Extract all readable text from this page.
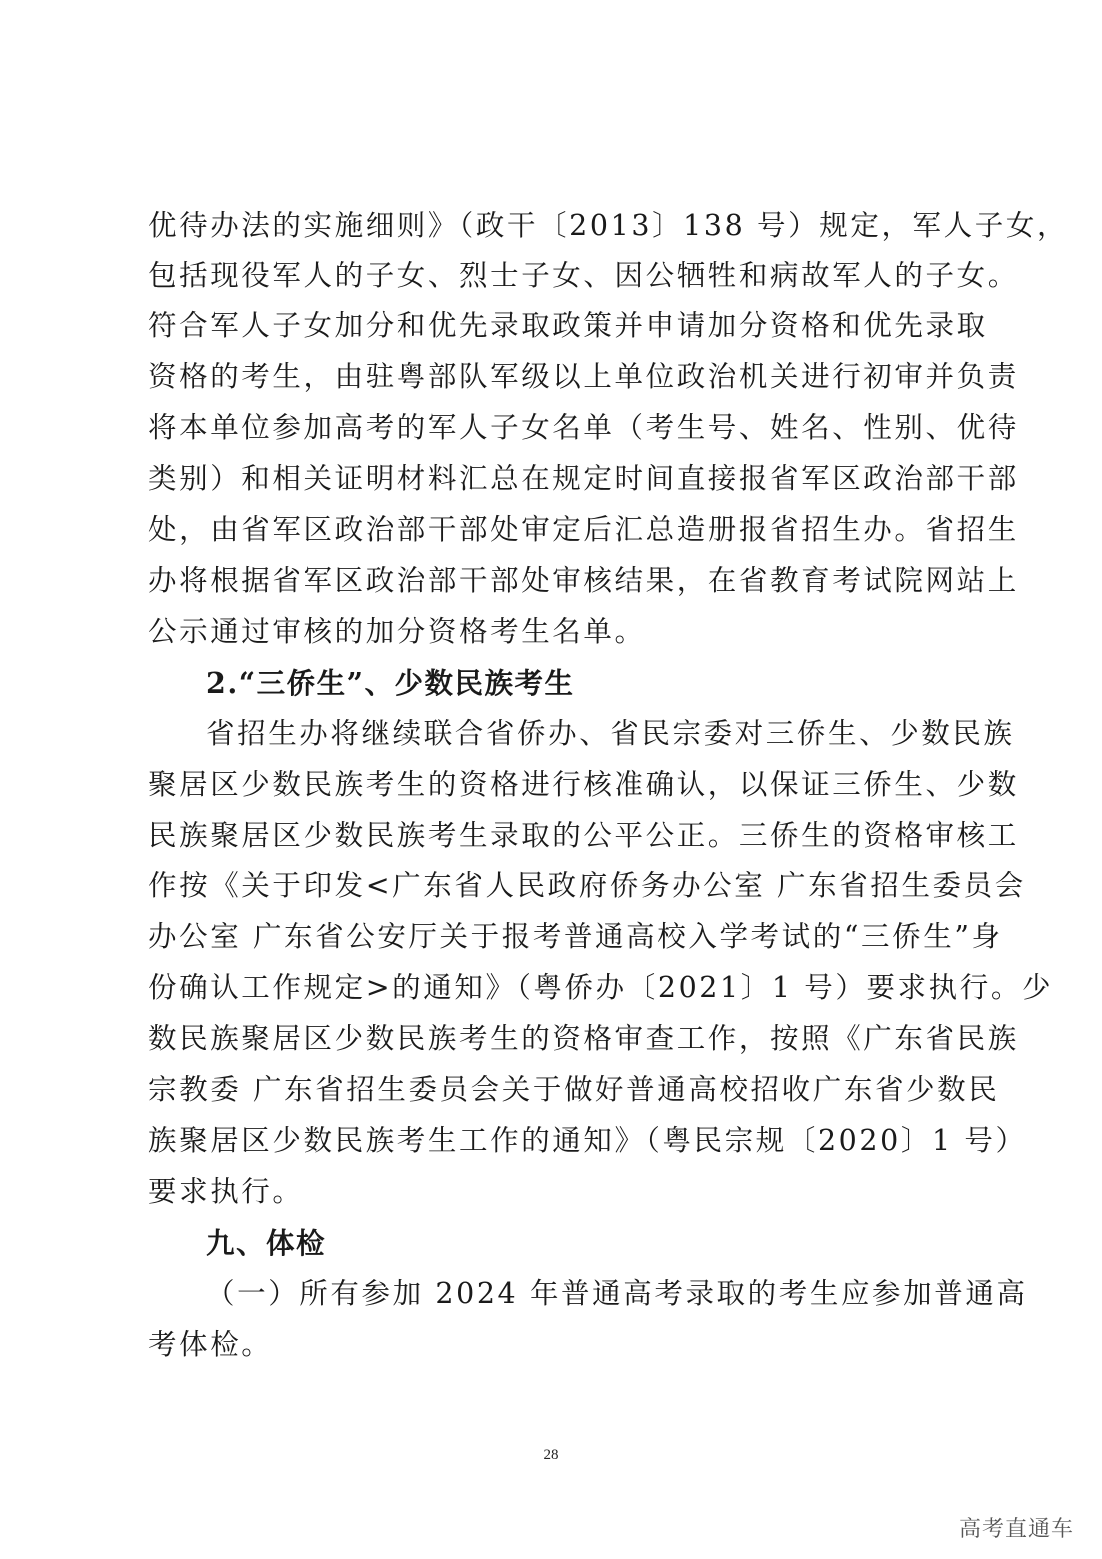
优待办法的实施细则》（政干〔2013〕138 号）规定，军人子女，
包括现役军人的子女、烈士子女、因公牺牲和病故军人的子女。
符合军人子女加分和优先录取政策并申请加分资格和优先录取
资格的考生，由驻粤部队军级以上单位政治机关进行初审并负责
将本单位参加高考的军人子女名单（考生号、姓名、性别、优待
类别）和相关证明材料汇总在规定时间直接报省军区政治部干部
处，由省军区政治部干部处审定后汇总造册报省招生办。省招生
办将根据省军区政治部干部处审核结果，在省教育考试院网站上
公示通过审核的加分资格考生名单。
2.“三侨生”、少数民族考生
省招生办将继续联合省侨办、省民宗委对三侨生、少数民族
聚居区少数民族考生的资格进行核准确认，以保证三侨生、少数
民族聚居区少数民族考生录取的公平公正。三侨生的资格审核工
作按《关于印发<广东省人民政府侨务办公室 广东省招生委员会
办公室 广东省公安厅关于报考普通高校入学考试的“三侨生”身
份确认工作规定>的通知》（粤侨办〔2021〕1 号）要求执行。少
数民族聚居区少数民族考生的资格审查工作，按照《广东省民族
宗教委 广东省招生委员会关于做好普通高校招收广东省少数民
族聚居区少数民族考生工作的通知》（粤民宗规〔2020〕1 号）
要求执行。
九、体检
（一）所有参加 2024 年普通高考录取的考生应参加普通高
考体检。
28
高考直通车
